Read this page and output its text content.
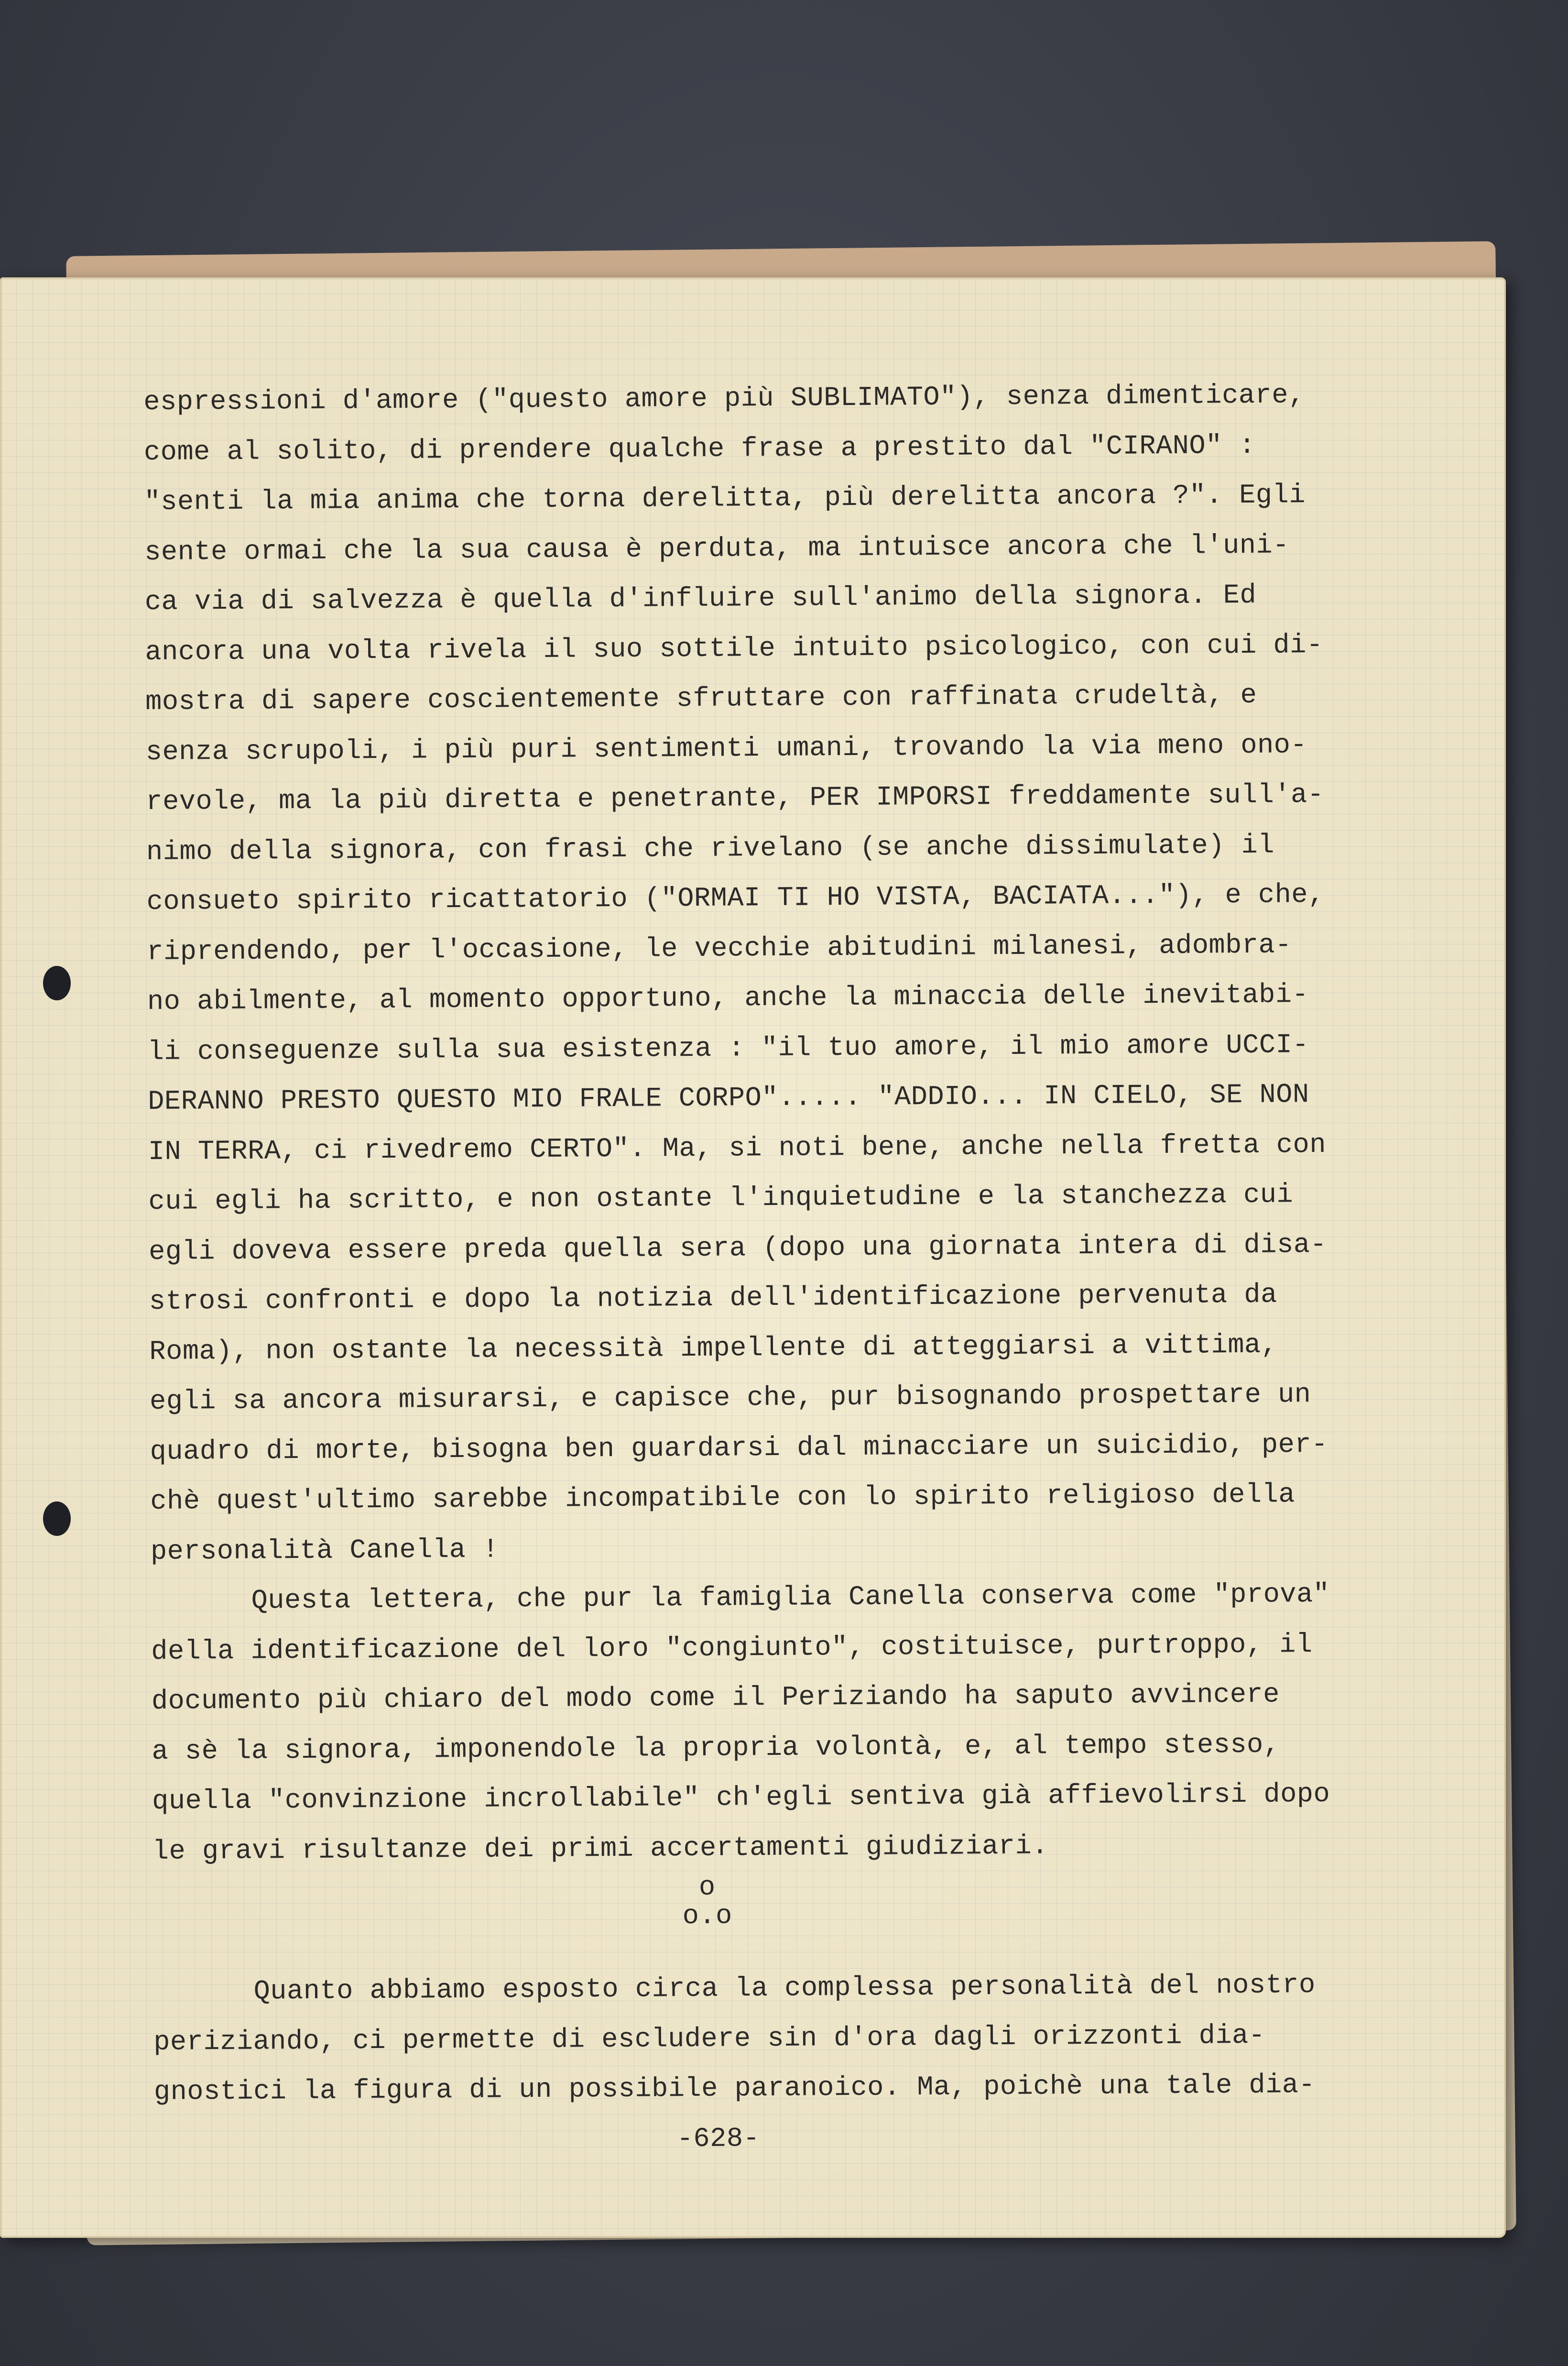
espressioni d'amore ("questo amore più SUBLIMATO"), senza dimenticare,
come al solito, di prendere qualche frase a prestito dal "CIRANO" :
"senti la mia anima che torna derelitta, più derelitta ancora ?". Egli
sente ormai che la sua causa è perduta, ma intuisce ancora che l'uni-
ca via di salvezza è quella d'influire sull'animo della signora. Ed
ancora una volta rivela il suo sottile intuito psicologico, con cui di-
mostra di sapere coscientemente sfruttare con raffinata crudeltà, e
senza scrupoli, i più puri sentimenti umani, trovando la via meno ono-
revole, ma la più diretta e penetrante, PER IMPORSI freddamente sull'a-
nimo della signora, con frasi che rivelano (se anche dissimulate) il
consueto spirito ricattatorio ("ORMAI TI HO VISTA, BACIATA..."), e che,
riprendendo, per l'occasione, le vecchie abitudini milanesi, adombra-
no abilmente, al momento opportuno, anche la minaccia delle inevitabi-
li conseguenze sulla sua esistenza : "il tuo amore, il mio amore UCCI-
DERANNO PRESTO QUESTO MIO FRALE CORPO"..... "ADDIO... IN CIELO, SE NON
IN TERRA, ci rivedremo CERTO". Ma, si noti bene, anche nella fretta con
cui egli ha scritto, e non ostante l'inquietudine e la stanchezza cui
egli doveva essere preda quella sera (dopo una giornata intera di disa-
strosi confronti e dopo la notizia dell'identificazione pervenuta da
Roma), non ostante la necessità impellente di atteggiarsi a vittima,
egli sa ancora misurarsi, e capisce che, pur bisognando prospettare un
quadro di morte, bisogna ben guardarsi dal minacciare un suicidio, per-
chè quest'ultimo sarebbe incompatibile con lo spirito religioso della
personalità Canella !
Questa lettera, che pur la famiglia Canella conserva come "prova"
della identificazione del loro "congiunto", costituisce, purtroppo, il
documento più chiaro del modo come il Periziando ha saputo avvincere
a sè la signora, imponendole la propria volontà, e, al tempo stesso,
quella "convinzione incrollabile" ch'egli sentiva già affievolirsi dopo
le gravi risultanze dei primi accertamenti giudiziari.
o
o.o
Quanto abbiamo esposto circa la complessa personalità del nostro
periziando, ci permette di escludere sin d'ora dagli orizzonti dia-
gnostici la figura di un possibile paranoico. Ma, poichè una tale dia-
-628-
